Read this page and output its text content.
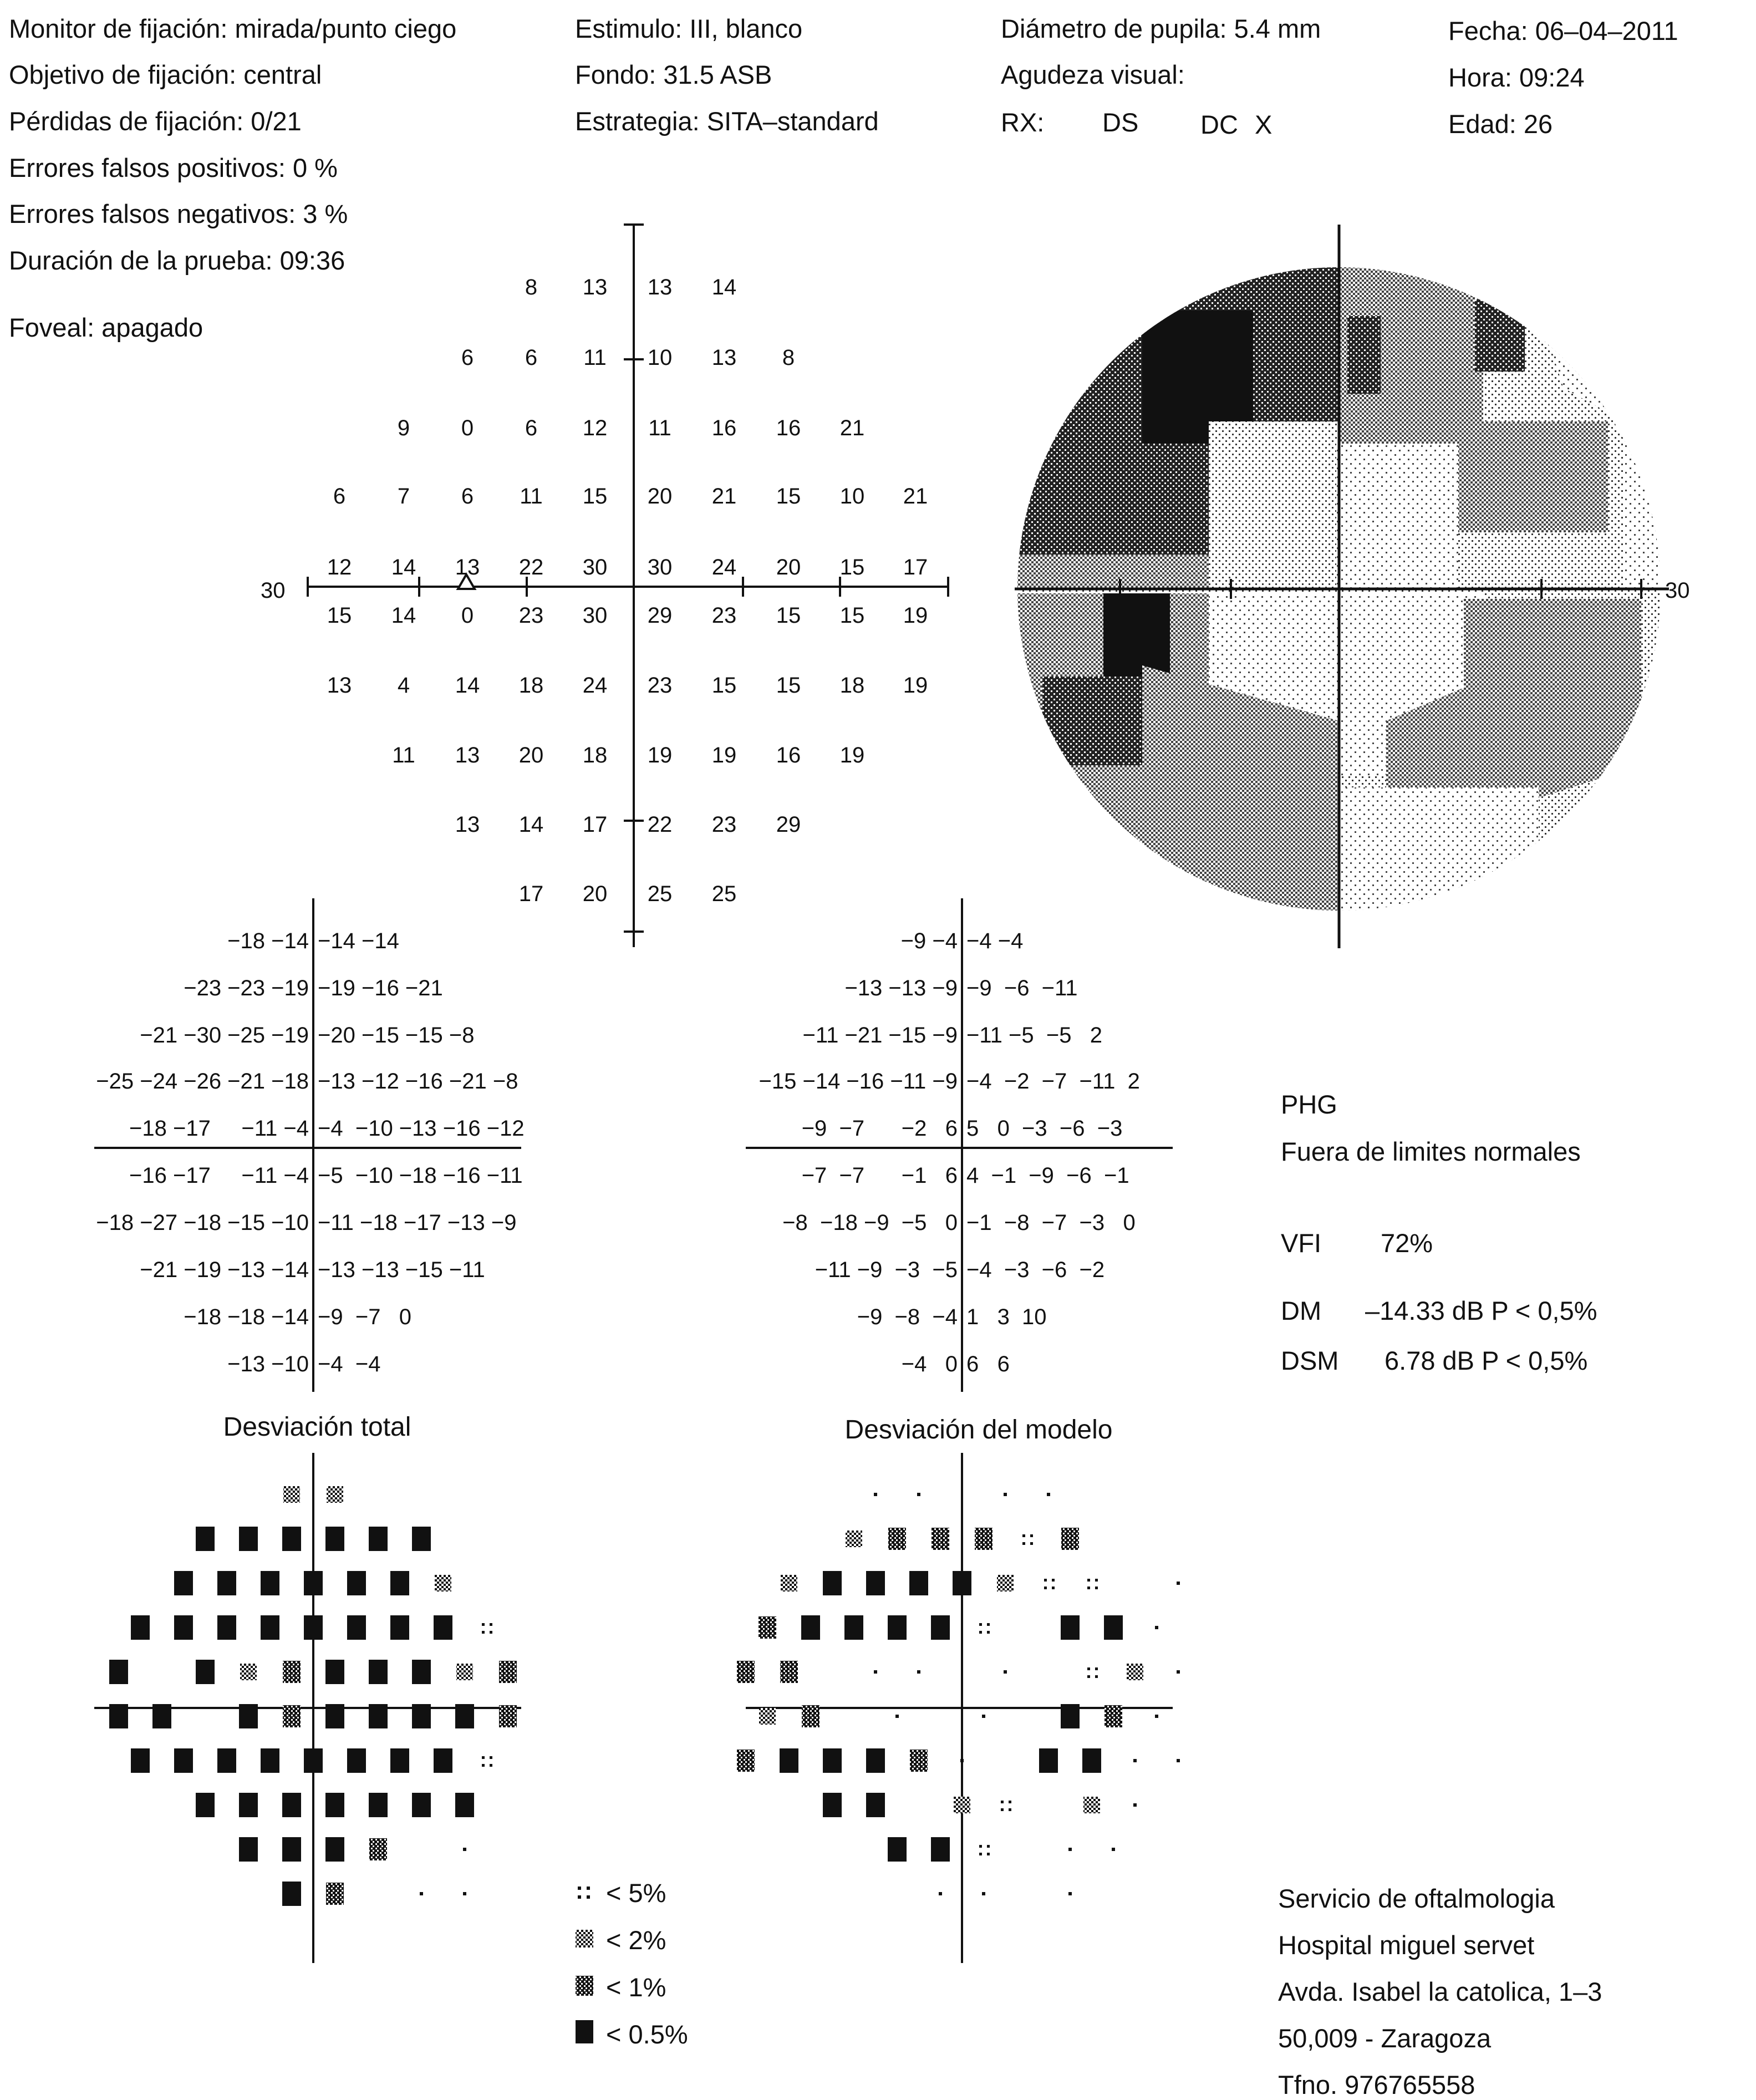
Monitor de fijación: mirada/punto ciego
Objetivo de fijación: central
Pérdidas de fijación: 0/21
Errores falsos positivos: 0 %
Errores falsos negativos: 3 %
Duración de la prueba: 09:36
Foveal: apagado
Estimulo: III, blanco
Fondo: 31.5 ASB
Estrategia: SITA–standard
Diámetro de pupila: 5.4 mm
Agudeza visual:
RX: DS DC X
Fecha: 06–04–2011
Hora: 09:24
Edad: 26
30
8 13 13 14
6 6 11 10 13 8
9 0 6 12 11 16 16 21
6 7 6 11 15 20 21 15 10 21
12 14 13 22 30 30 24 20 15 17
15 14 0 23 30 29 23 15 15 19
13 4 14 18 24 23 15 15 18 19
11 13 20 18 19 19 16 19
13 14 17 22 23 29
17 20 25 25
30
−18 −14 −14 −14
−23 −23 −19 −19 −16 −21
−21 −30 −25 −19 −20 −15 −15 −8
−25 −24 −26 −21 −18 −13 −12 −16 −21 −8
−18 −17     −11 −4 −4  −10 −13 −16 −12
−16 −17     −11 −4 −5  −10 −18 −16 −11
−18 −27 −18 −15 −10 −11 −18 −17 −13 −9
−21 −19 −13 −14 −13 −13 −15 −11
−18 −18 −14 −9  −7   0
−13 −10 −4  −4
−9 −4 −4 −4
−13 −13 −9 −9  −6  −11
−11 −21 −15 −9 −11 −5  −5   2
−15 −14 −16 −11 −9 −4  −2  −7  −11  2
−9  −7      −2   6 5   0  −3  −6  −3
−7  −7      −1   6 4  −1  −9  −6  −1
−8  −18 −9  −5   0 −1  −8  −7  −3   0
−11 −9  −3  −5 −4  −3  −6  −2
−9  −8  −4 1   3  10
−4   0 6   6
PHG
Fuera de limites normales
VFI 72%
DM –14.33 dB P < 0,5%
DSM 6.78 dB P < 0,5%
Desviación total	Desviación del modelo
< 5%
< 2%
< 1%
< 0.5%
Servicio de oftalmologia
Hospital miguel servet
Avda. Isabel la catolica, 1–3
50,009 - Zaragoza
Tfno. 976765558
